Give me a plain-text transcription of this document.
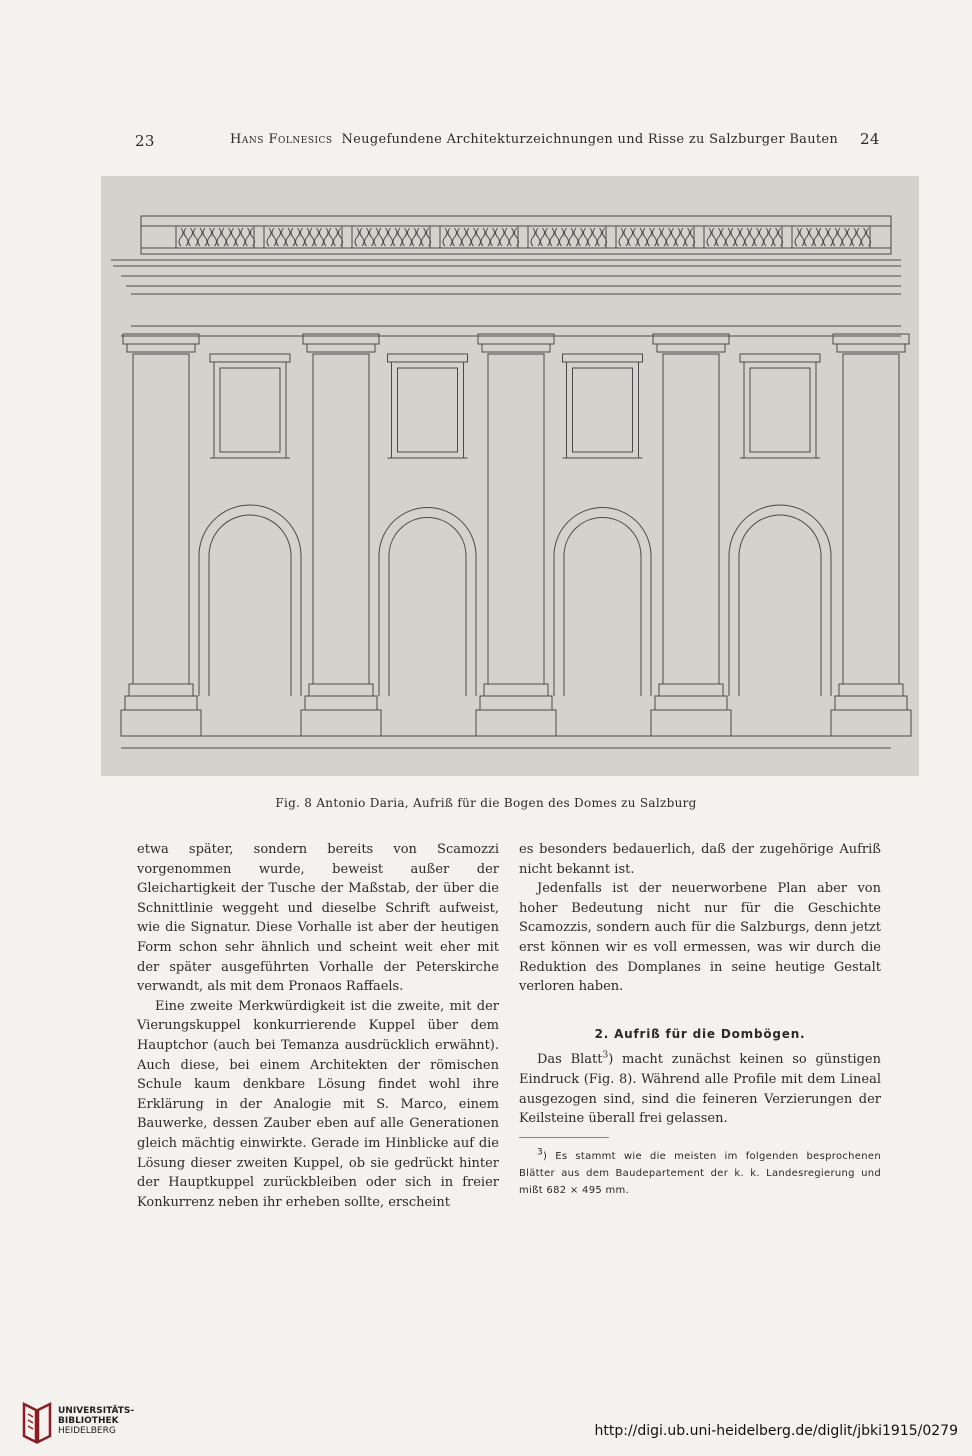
23	Hans Folnesics Neugefundene Architekturzeichnungen und Risse zu Salzburger Bauten 24
Fig. 8 Antonio Daria, Aufriß für die Bogen des Domes zu Salzburg

etwa später, sondern bereits von Scamozzi vorgenommen wurde, beweist außer der Gleichartigkeit der Tusche der Maßstab, der über die Schnittlinie weggeht und dieselbe Schrift aufweist, wie die Signatur. Diese Vorhalle ist aber der heutigen Form schon sehr ähnlich und scheint weit eher mit der später ausgeführten Vorhalle der Peterskirche verwandt, als mit dem Pronaos Raffaels.

Eine zweite Merkwürdigkeit ist die zweite, mit der Vierungskuppel konkurrierende Kuppel über dem Hauptchor (auch bei Temanza ausdrücklich erwähnt). Auch diese, bei einem Architekten der römischen Schule kaum denkbare Lösung findet wohl ihre Erklärung in der Analogie mit S. Marco, einem Bauwerke, dessen Zauber eben auf alle Generationen gleich mächtig einwirkte. Gerade im Hinblicke auf die Lösung dieser zweiten Kuppel, ob sie gedrückt hinter der Hauptkuppel zurückbleiben oder sich in freier Konkurrenz neben ihr erheben sollte, erscheint

es besonders bedauerlich, daß der zugehörige Aufriß nicht bekannt ist.

Jedenfalls ist der neuerworbene Plan aber von hoher Bedeutung nicht nur für die Geschichte Scamozzis, sondern auch für die Salzburgs, denn jetzt erst können wir es voll ermessen, was wir durch die Reduktion des Domplanes in seine heutige Gestalt verloren haben.

2. Aufriß für die Dombögen.

Das Blatt$^3$) macht zunächst keinen so günstigen Eindruck (Fig. 8). Während alle Profile mit dem Lineal ausgezogen sind, sind die feineren Verzierungen der Keilsteine überall frei gelassen.

$^3$) Es stammt wie die meisten im folgenden besprochenen Blätter aus dem Baudepartement der k. k. Landesregierung und mißt 682 × 495 mm.

UNIVERSITÄTS-
BIBLIOTHEK
HEIDELBERG	http://digi.ub.uni-heidelberg.de/diglit/jbki1915/0279
